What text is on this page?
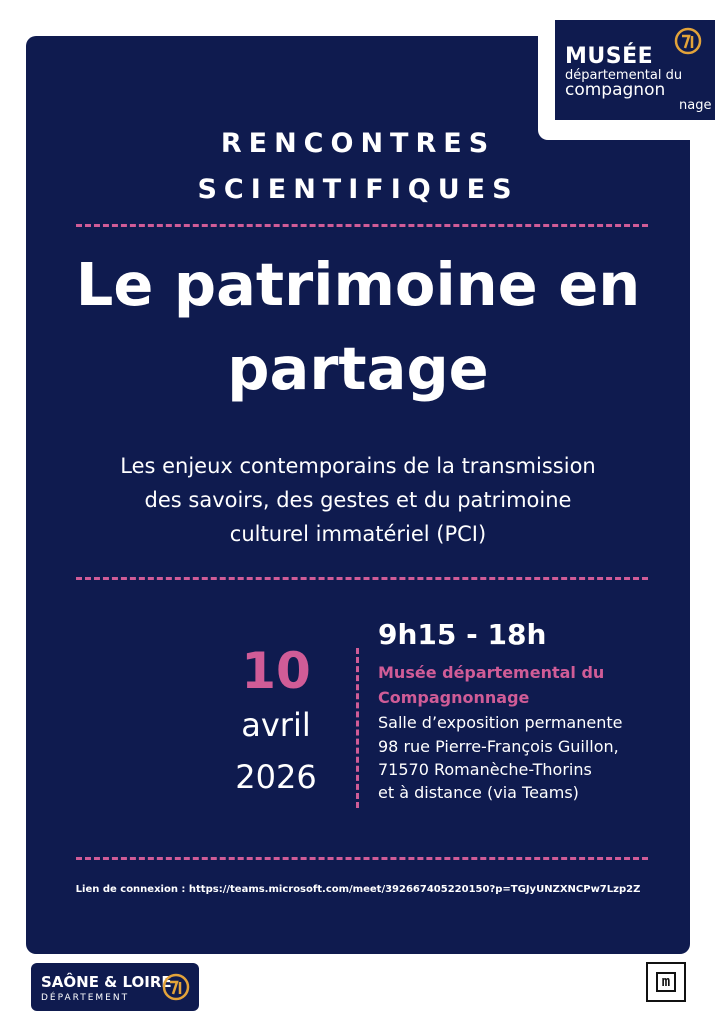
MUSÉE
départemental du
compagnon
nage
RENCONTRES
SCIENTIFIQUES
Le patrimoine en
partage
Les enjeux contemporains de la transmission
des savoirs, des gestes et du patrimoine
culturel immatériel (PCI)
10
avril
2026
9h15 - 18h
Musée départemental du
Compagnonnage
Salle d’exposition permanente
98 rue Pierre-François Guillon,
71570 Romanèche-Thorins
et à distance (via Teams)
Lien de connexion : https://teams.microsoft.com/meet/392667405220150?p=TGJyUNZXNCPw7Lzp2Z
SAÔNE & LOIRE
DÉPARTEMENT
m
